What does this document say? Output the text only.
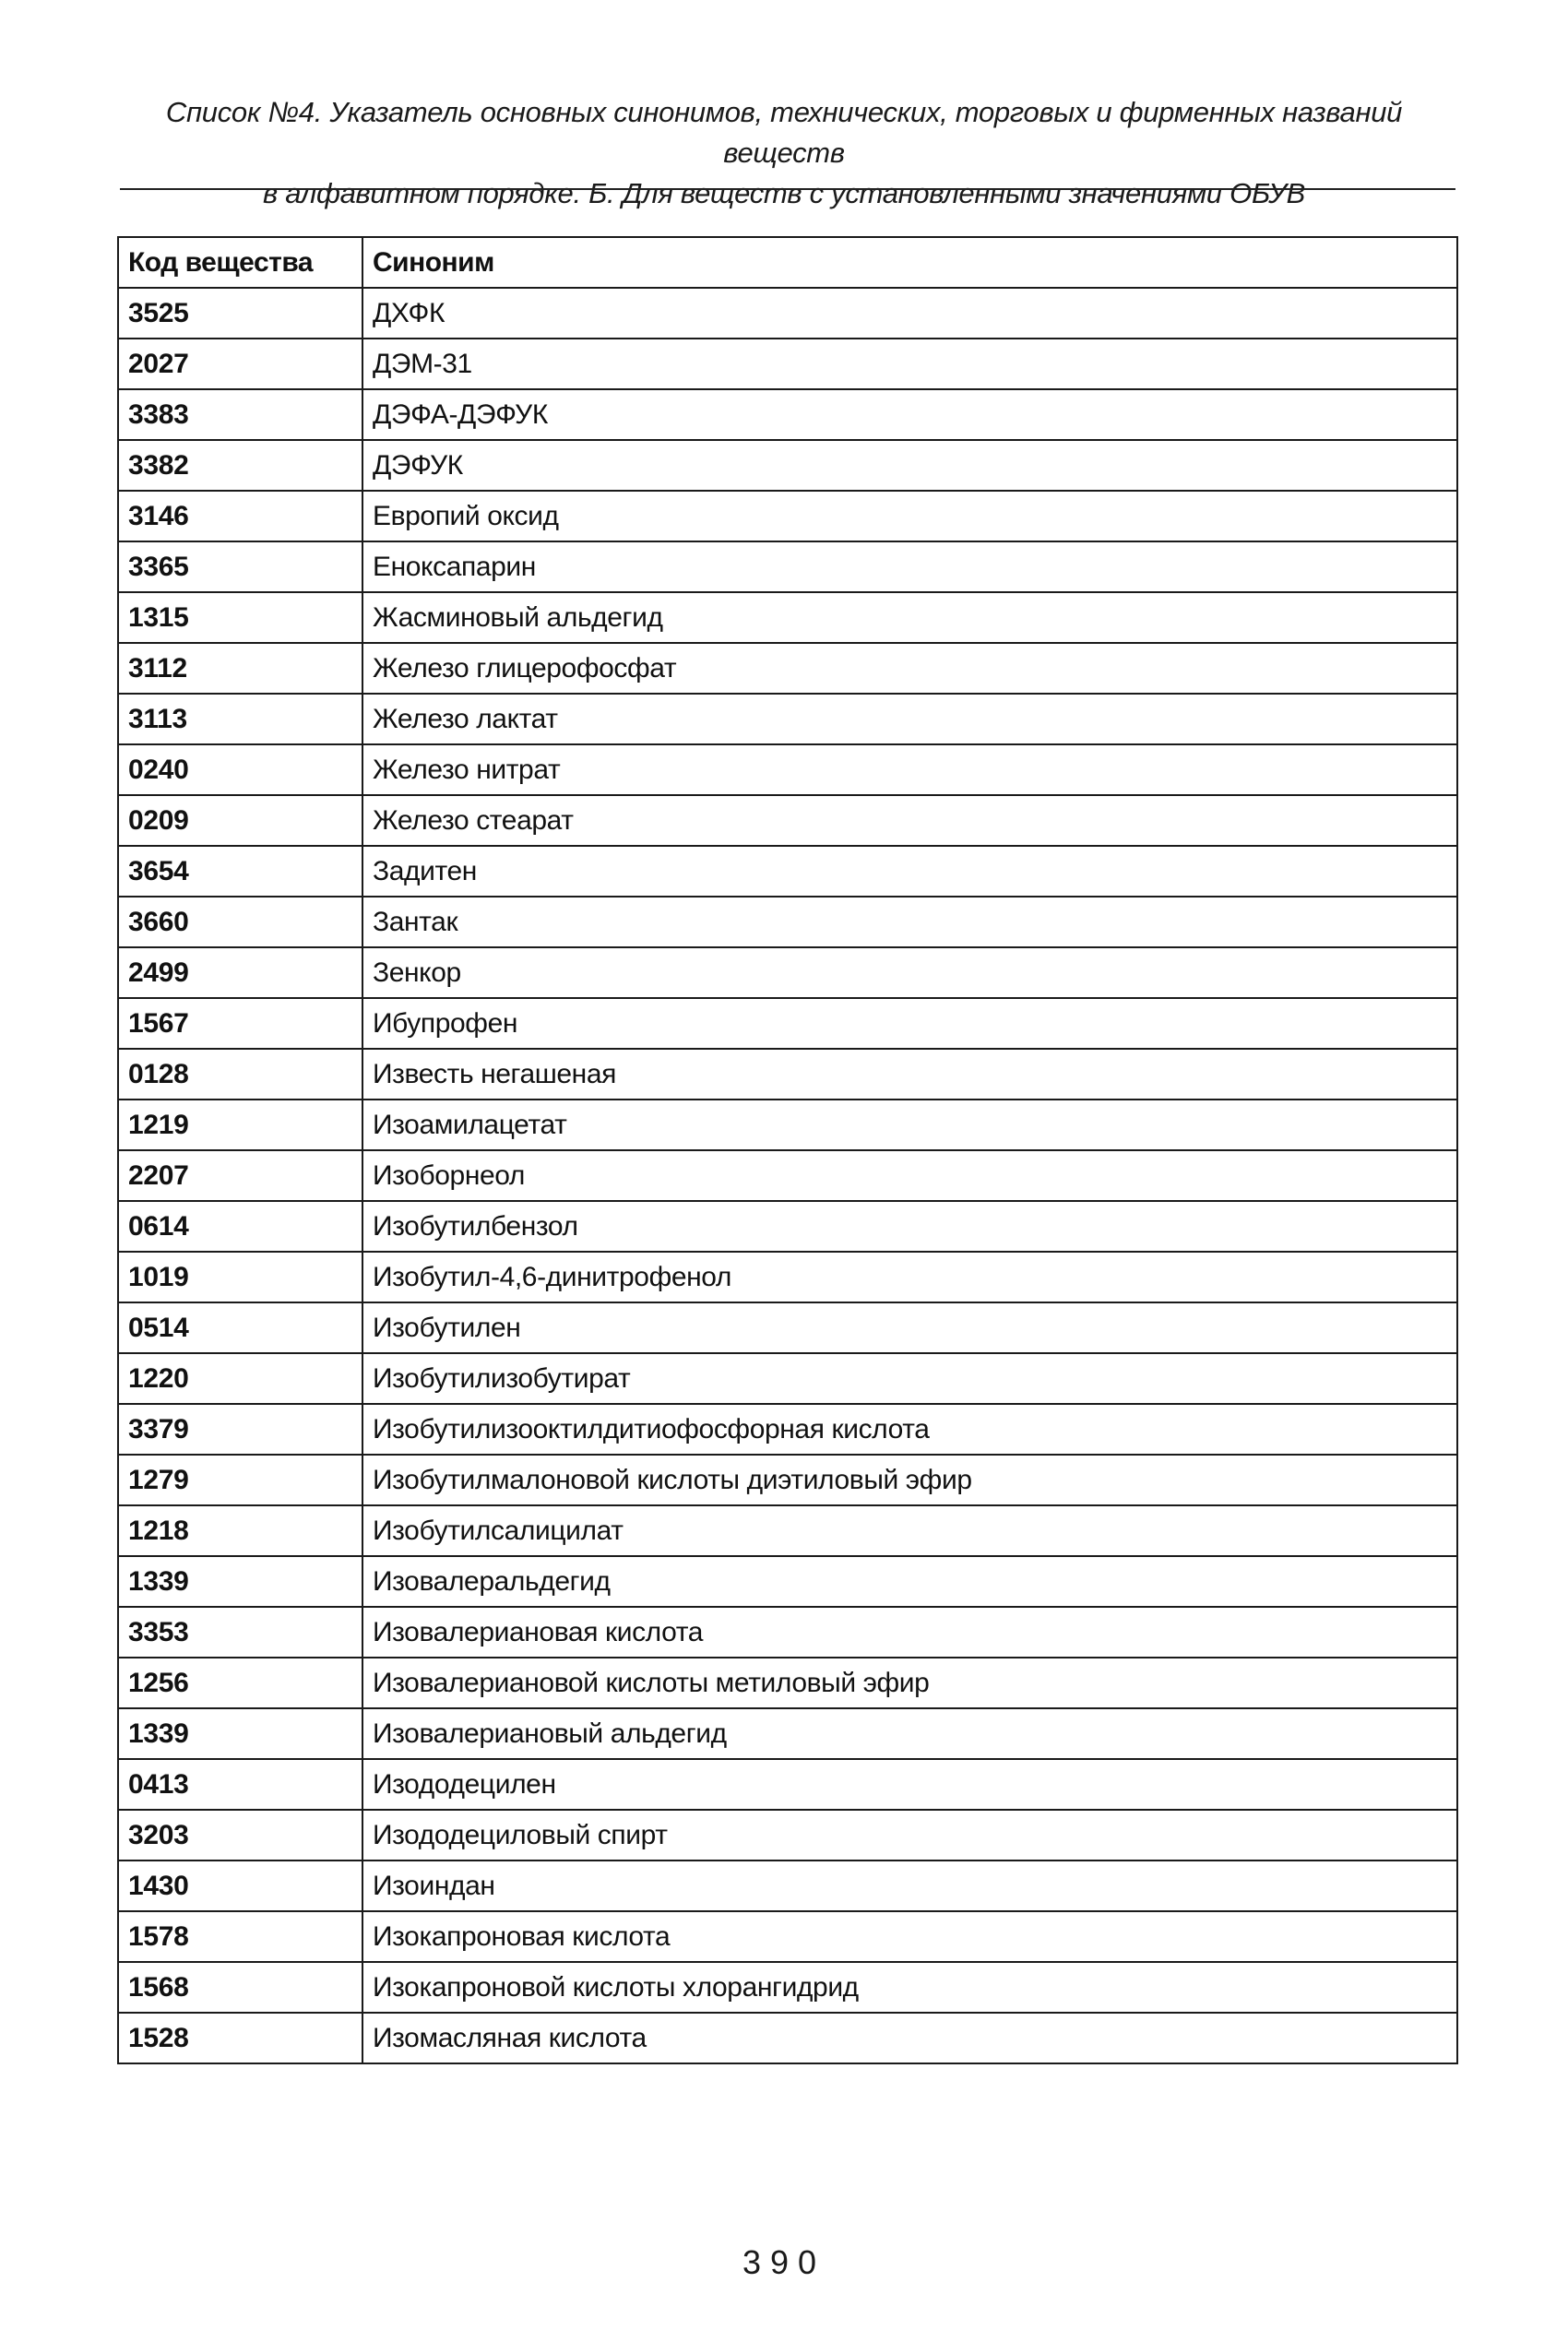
Список №4. Указатель основных синонимов, технических, торговых и фирменных названий веществ
в алфавитном порядке. Б. Для веществ с установленными значениями ОБУВ
Код вещества	Синоним
3525	ДХФК
2027	ДЭМ-31
3383	ДЭФА-ДЭФУК
3382	ДЭФУК
3146	Европий оксид
3365	Еноксапарин
1315	Жасминовый альдегид
3112	Железо глицерофосфат
3113	Железо лактат
0240	Железо нитрат
0209	Железо стеарат
3654	Задитен
3660	Зантак
2499	Зенкор
1567	Ибупрофен
0128	Известь негашеная
1219	Изоамилацетат
2207	Изоборнеол
0614	Изобутилбензол
1019	Изобутил-4,6-динитрофенол
0514	Изобутилен
1220	Изобутилизобутират
3379	Изобутилизооктилдитиофосфорная кислота
1279	Изобутилмалоновой кислоты диэтиловый эфир
1218	Изобутилсалицилат
1339	Изовалеральдегид
3353	Изовалериановая кислота
1256	Изовалериановой кислоты метиловый эфир
1339	Изовалериановый альдегид
0413	Изододецилен
3203	Изододециловый спирт
1430	Изоиндан
1578	Изокапроновая кислота
1568	Изокапроновой кислоты хлорангидрид
1528	Изомасляная кислота
390
